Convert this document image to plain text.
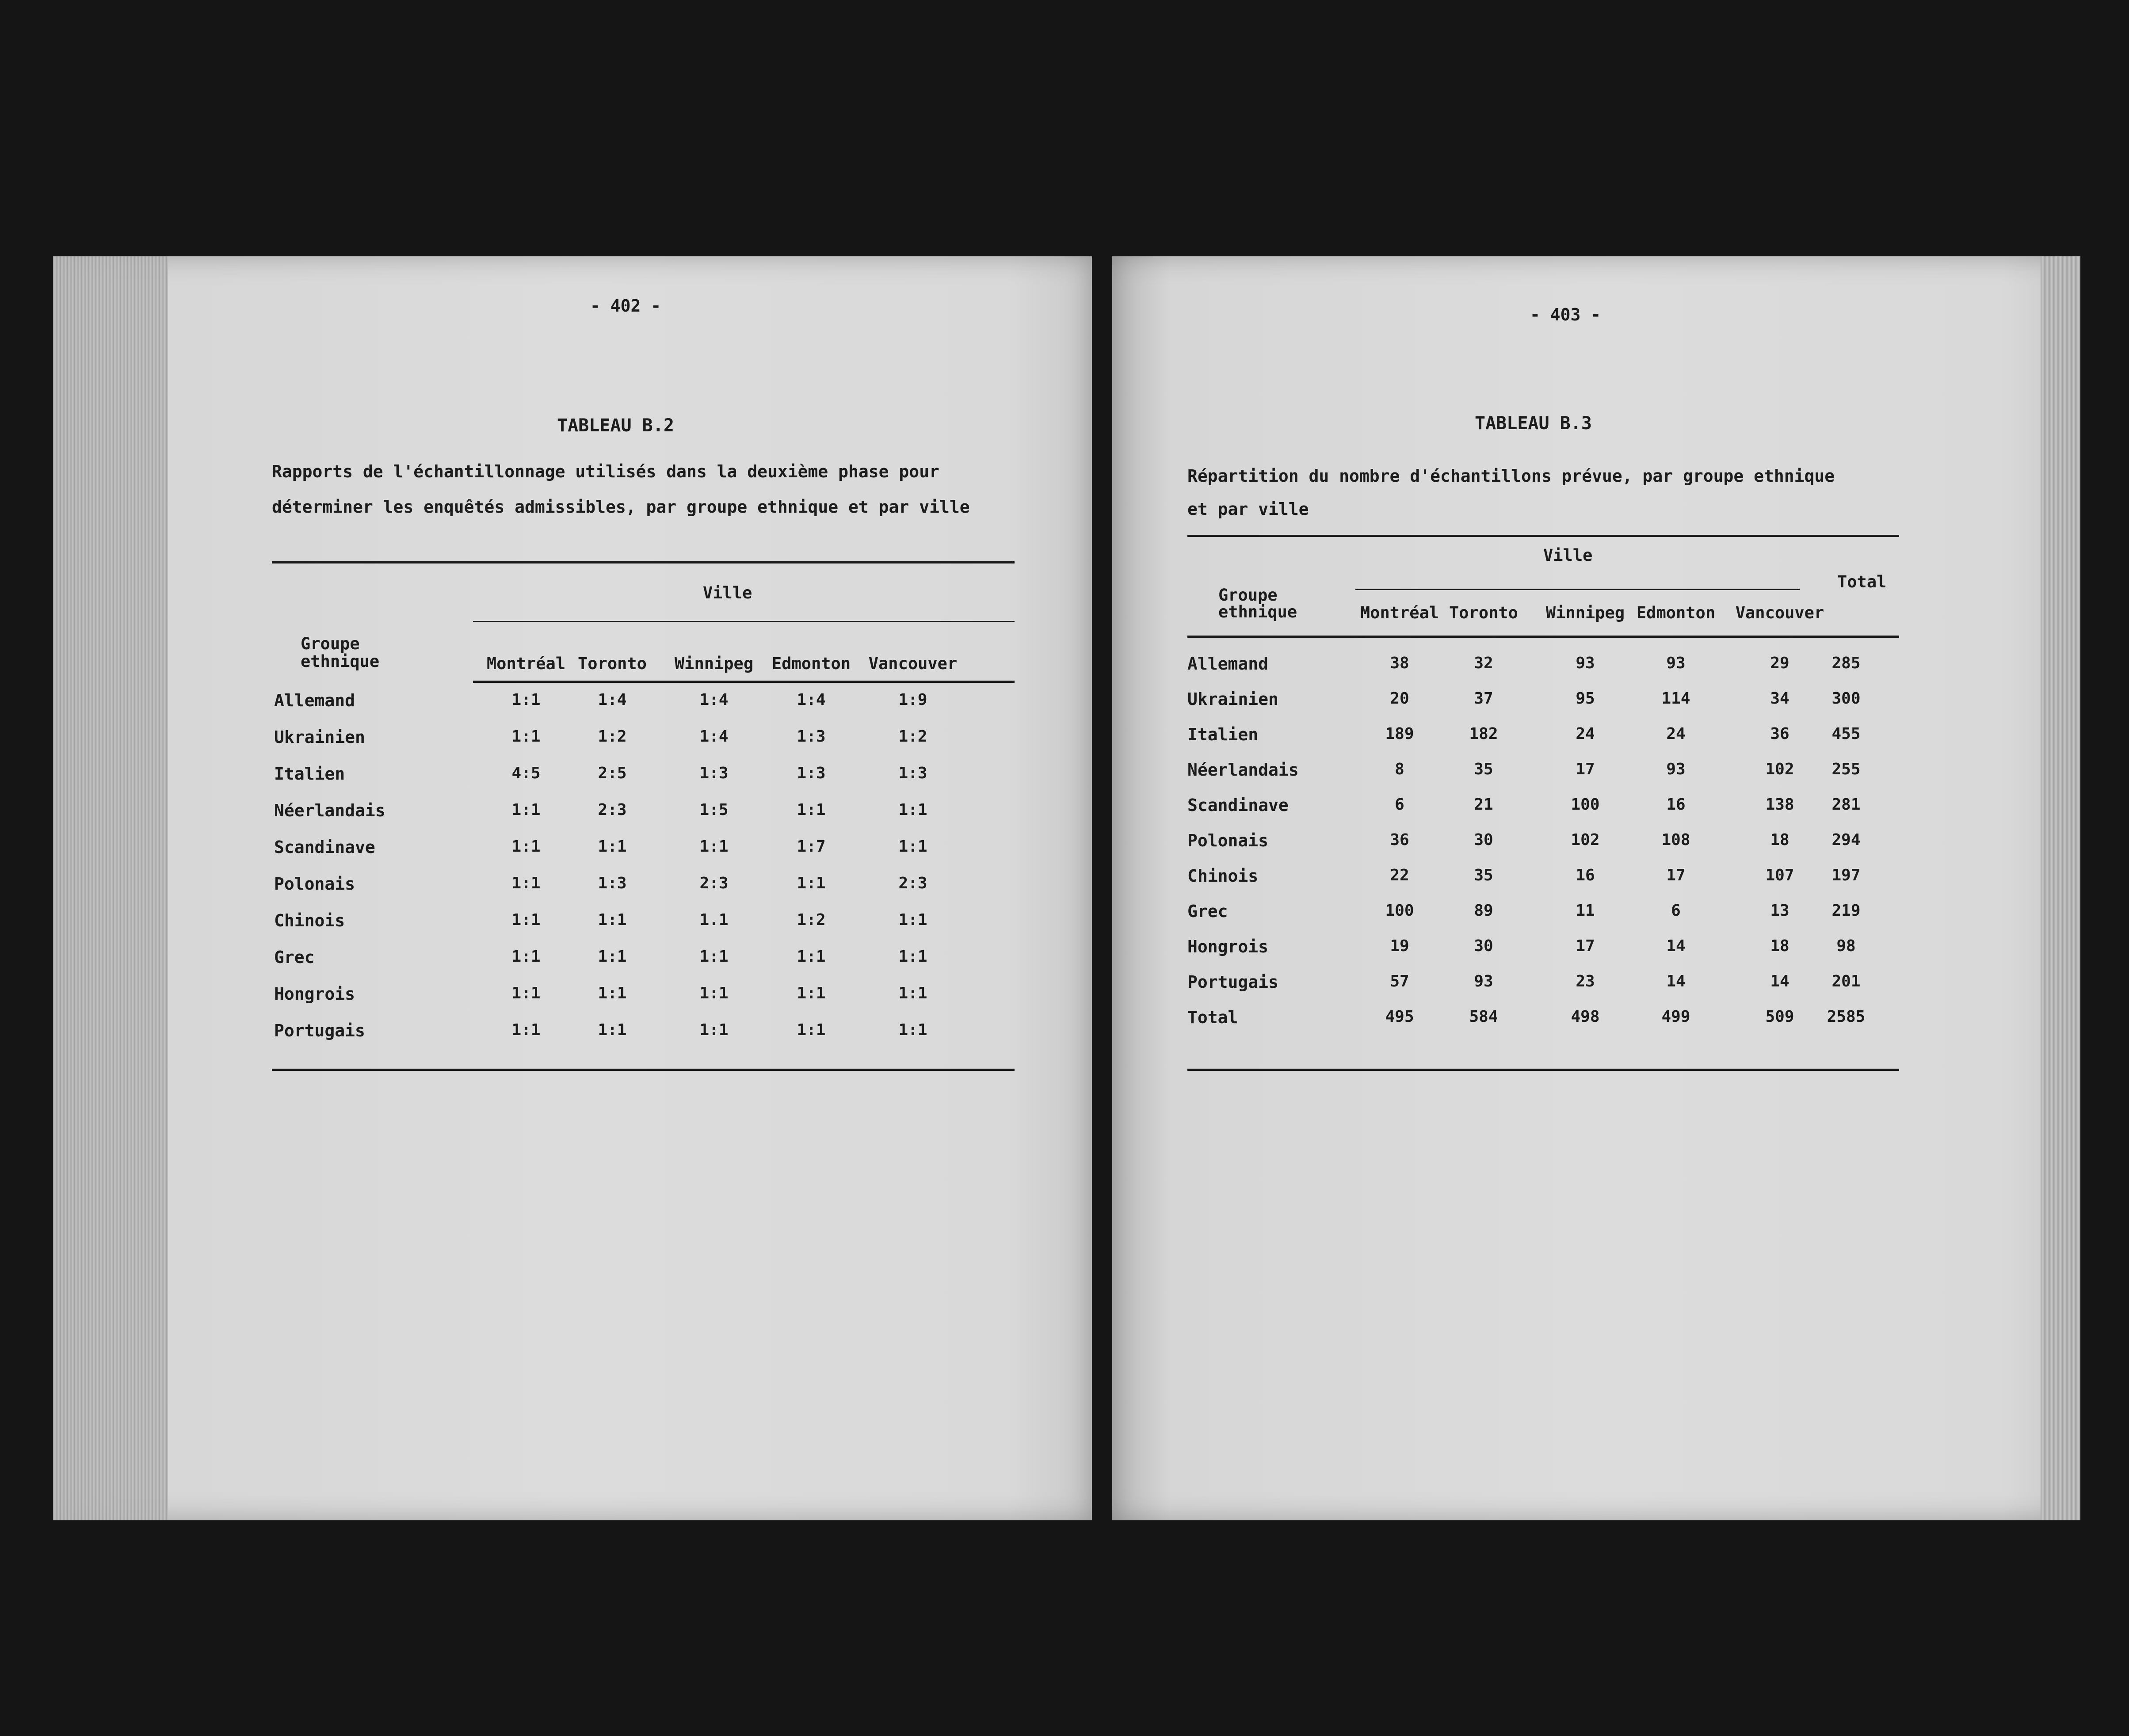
- 402 -
TABLEAU B.2
Rapports de l'échantillonnage utilisés dans la deuxième phase pour
déterminer les enquêtés admissibles, par groupe ethnique et par ville
Ville
Groupe
ethnique	Montréal Toronto	Winnipeg	Edmonton	Vancouver
Allemand	1:1	1:4	1:4	1:4	1:9
Ukrainien	1:1	1:2	1:4	1:3	1:2
Italien	4:5	2:5	1:3	1:3	1:3
Néerlandais	1:1	2:3	1:5	1:1	1:1
Scandinave	1:1	1:1	1:1	1:7	1:1
Polonais	1:1	1:3	2:3	1:1	2:3
Chinois	1:1	1:1	1.1	1:2	1:1
Grec	1:1	1:1	1:1	1:1	1:1
Hongrois	1:1	1:1	1:1	1:1	1:1
Portugais	1:1	1:1	1:1	1:1	1:1
- 403 -
TABLEAU B.3
Répartition du nombre d'échantillons prévue, par groupe ethnique
et par ville
Ville
Total
Groupe
ethnique	Montréal Toronto	Winnipeg Edmonton	Vancouver
Allemand	38	32	93	93	29	285
Ukrainien	20	37	95	114	34	300
Italien	189	182	24	24	36	455
Néerlandais	8	35	17	93	102	255
Scandinave	6	21	100	16	138	281
Polonais	36	30	102	108	18	294
Chinois	22	35	16	17	107	197
Grec	100	89	11	6	13	219
Hongrois	19	30	17	14	18	98
Portugais	57	93	23	14	14	201
Total	495	584	498	499	509	2585
